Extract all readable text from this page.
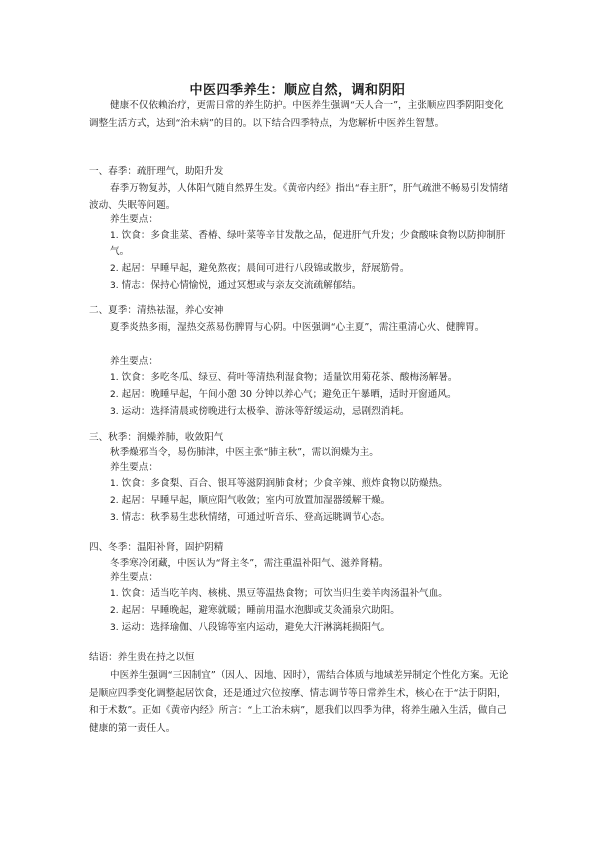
中医四季养生：顺应自然，调和阴阳
健康不仅依赖治疗，更需日常的养生防护。中医养生强调“天人合一”，主张顺应四季阴阳变化调整生活方式，达到“治未病”的目的。以下结合四季特点，为您解析中医养生智慧。
一、春季：疏肝理气，助阳升发
春季万物复苏，人体阳气随自然界生发。《黄帝内经》指出“春主肝”，肝气疏泄不畅易引发情绪波动、失眠等问题。
养生要点：
1. 饮食：多食韭菜、香椿、绿叶菜等辛甘发散之品，促进肝气升发；少食酸味食物以防抑制肝气。
2. 起居：早睡早起，避免熬夜；晨间可进行八段锦或散步，舒展筋骨。
3. 情志：保持心情愉悦，通过冥想或与亲友交流疏解郁结。
二、夏季：清热祛湿，养心安神
夏季炎热多雨，湿热交蒸易伤脾胃与心阴。中医强调“心主夏”，需注重清心火、健脾胃。
养生要点：
1. 饮食：多吃冬瓜、绿豆、荷叶等清热利湿食物；适量饮用菊花茶、酸梅汤解暑。
2. 起居：晚睡早起，午间小憩 30 分钟以养心气；避免正午暴晒，适时开窗通风。
3. 运动：选择清晨或傍晚进行太极拳、游泳等舒缓运动，忌剧烈消耗。
三、秋季：润燥养肺，收敛阳气
秋季燥邪当令，易伤肺津，中医主张“肺主秋”，需以润燥为主。
养生要点：
1. 饮食：多食梨、百合、银耳等滋阴润肺食材；少食辛辣、煎炸食物以防燥热。
2. 起居：早睡早起，顺应阳气收敛；室内可放置加湿器缓解干燥。
3. 情志：秋季易生悲秋情绪，可通过听音乐、登高远眺调节心态。
四、冬季：温阳补肾，固护阴精
冬季寒冷闭藏，中医认为“肾主冬”，需注重温补阳气、滋养肾精。
养生要点：
1. 饮食：适当吃羊肉、核桃、黑豆等温热食物；可饮当归生姜羊肉汤温补气血。
2. 起居：早睡晚起，避寒就暖；睡前用温水泡脚或艾灸涌泉穴助阳。
3. 运动：选择瑜伽、八段锦等室内运动，避免大汗淋漓耗损阳气。
结语：养生贵在持之以恒
中医养生强调“三因制宜”（因人、因地、因时），需结合体质与地域差异制定个性化方案。无论是顺应四季变化调整起居饮食，还是通过穴位按摩、情志调节等日常养生术，核心在于“法于阴阳，和于术数”。正如《黄帝内经》所言：“上工治未病”，愿我们以四季为律，将养生融入生活，做自己健康的第一责任人。
